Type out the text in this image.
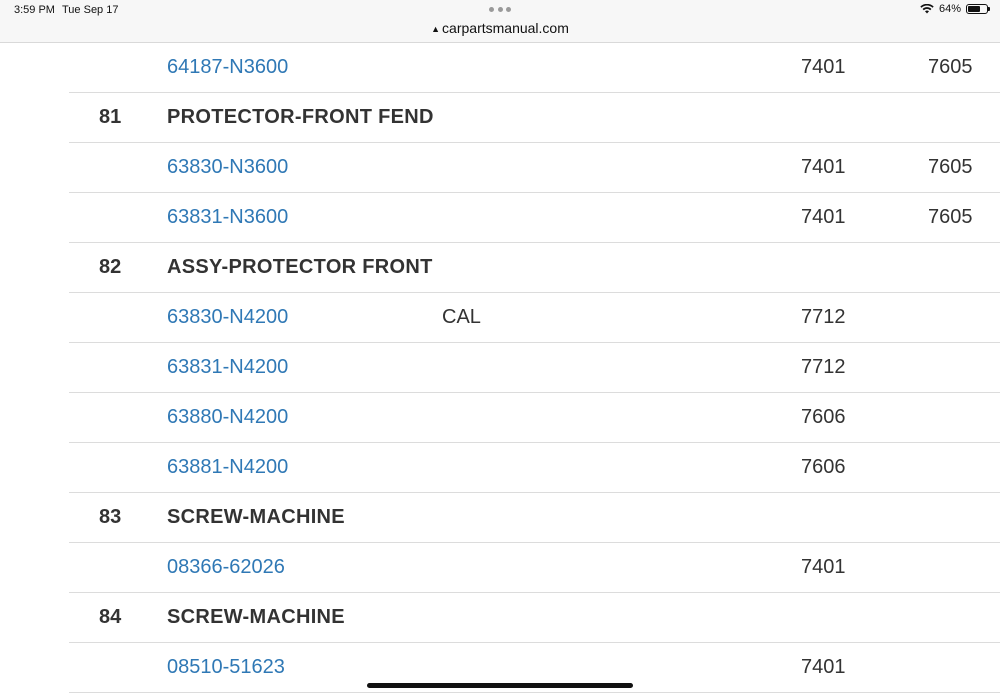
3:59 PM Tue Sep 17
▲ carpartsmanual.com
64%
64187-N3600	7401	7605
81 PROTECTOR-FRONT FEND
63830-N3600	7401	7605
63831-N3600	7401	7605
82 ASSY-PROTECTOR FRONT
63830-N4200	CAL	7712
63831-N4200	7712
63880-N4200	7606
63881-N4200	7606
83 SCREW-MACHINE
08366-62026	7401
84 SCREW-MACHINE
08510-51623	7401
